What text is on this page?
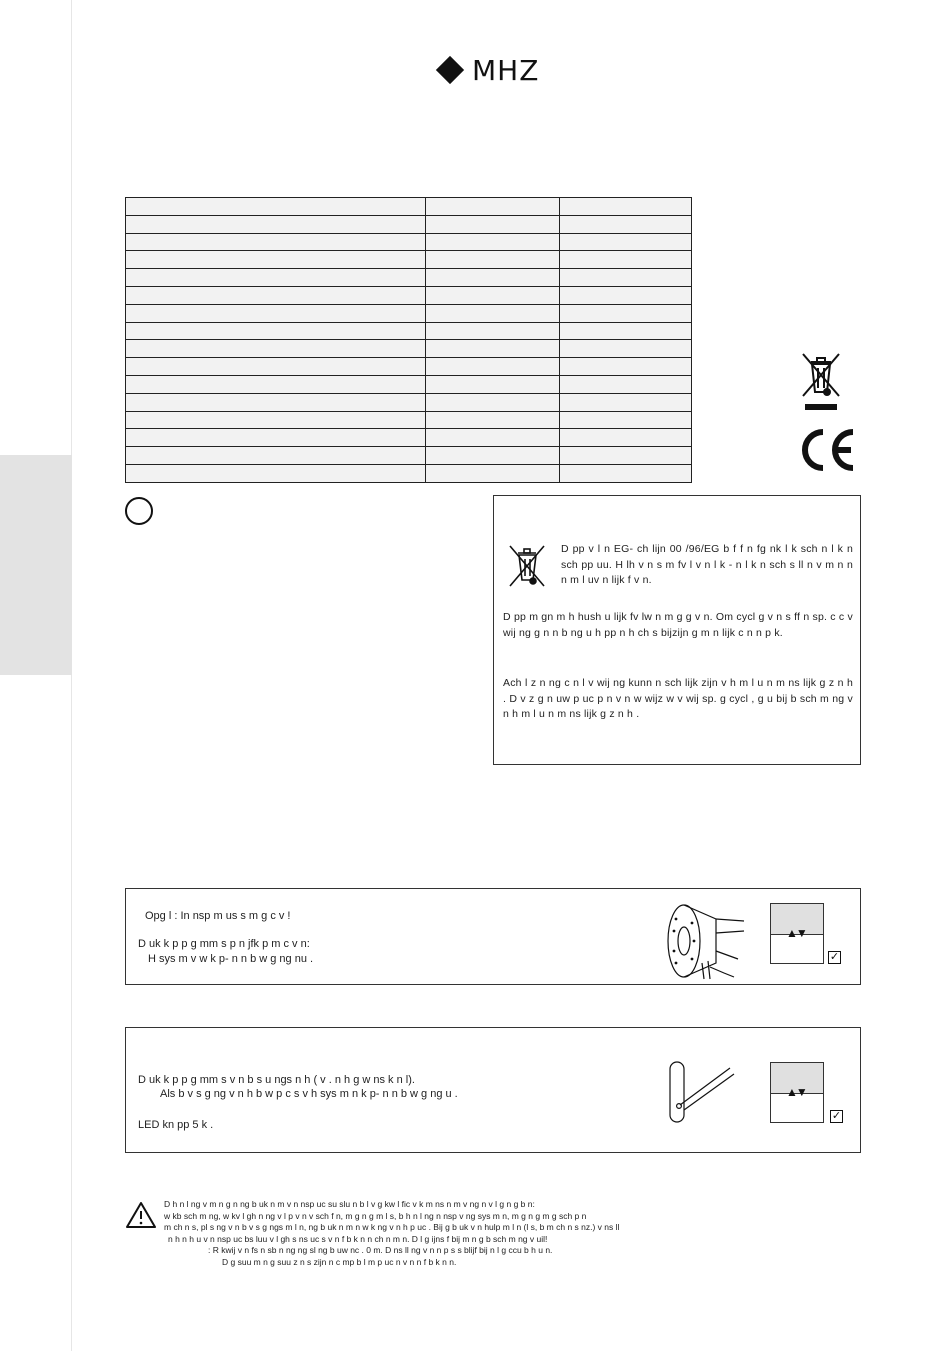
MHZ

D pp v l n EG- ch lijn 00 /96/EG b f f n fg nk l k sch n l k n sch pp uu. H lh v n s m fv l v n l k - n l k n sch s ll n v m n n n m l uv n lijk f v n.

D pp m gn m h hush u lijk fv lw n m g g v n. Om cycl g v n s ff n sp. c c v wij ng g n n b ng u h pp n h ch s bijzijn g m n lijk c n n p k.

Ach l z n ng c n l v wij ng kunn n sch lijk zijn v h m l u n m ns lijk g z n h . D v z g n uw p uc p n v n w wijz w v wij sp. g cycl , g u bij b sch m ng v n h m l u n m ns lijk g z n h .

Opg l : In nsp m us s m g c v !
D uk k p p g mm s p n jfk p m c v n:
H sys m v w k p- n n b w g ng nu .
▲▼
✓
D uk k p p g mm s v n b s u ngs n h ( v . n h g w ns k n l).
Als b v s g ng v n h b w p c s v h sys m n k p- n n b w g ng u .
LED kn pp 5 k .
▲▼
✓
D h n l ng v m n g n ng b uk n m v n nsp uc su slu n b l v g kw l fic v k m ns n m v ng n v l g n g b n:
w kb sch m ng, w kv l gh n ng v l p v n v sch f n, m g n g m l s, b h n l ng n nsp v ng sys m n, m g n g m g sch p n
m ch n s, pl s ng v n b v s g ngs m l n, ng b uk n m n w k ng v n h p uc . Bij g b uk v n hulp m l n (l s, b m ch n s nz.) v ns ll
n h n h u v n nsp uc bs luu v l gh s ns uc s v n f b k n n ch n m n. D l g ijns f bij m n g b sch m ng v uil!
: R kwij v n fs n sb n ng ng sl ng b uw nc . 0 m. D ns ll ng v n n p s s blijf bij n l g ccu b h u n.
D g suu m n g suu z n s zijn n c mp b l m p uc n v n n f b k n n.
